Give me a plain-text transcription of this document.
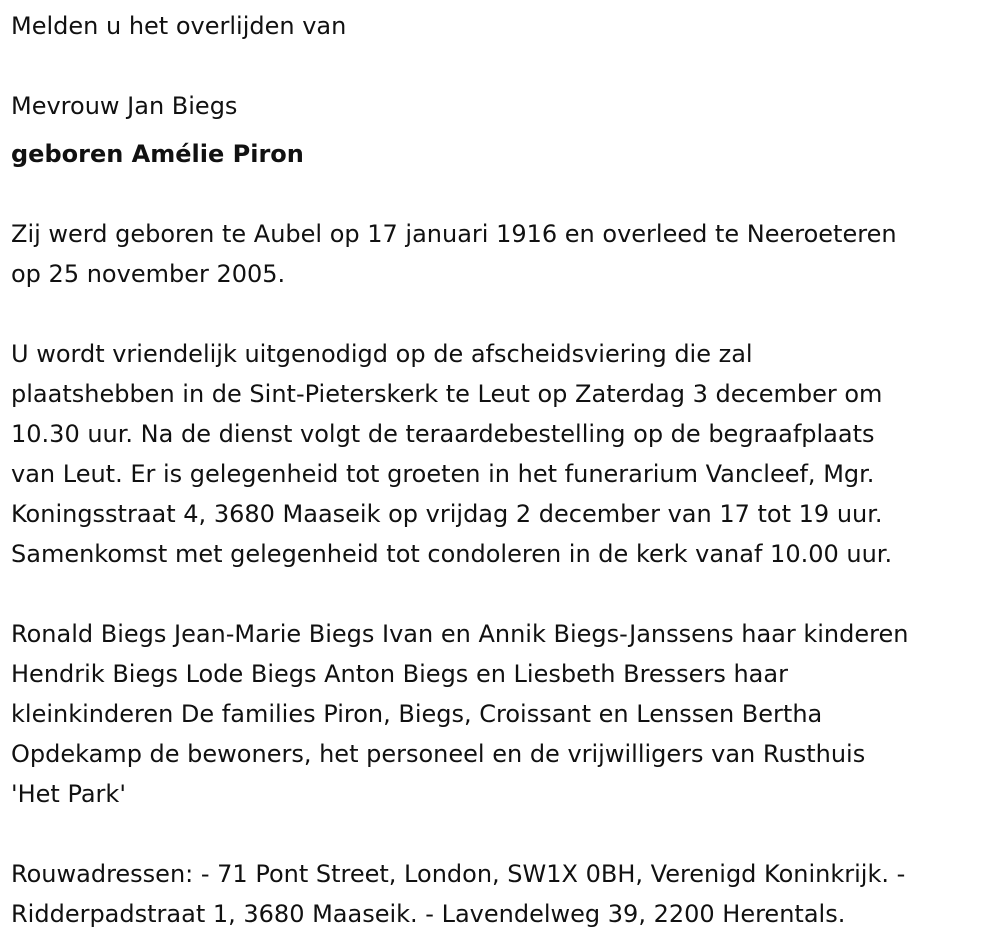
Melden u het overlijden van

Mevrouw Jan Biegs

geboren Amélie Piron

Zij werd geboren te Aubel op 17 januari 1916 en overleed te Neeroeteren

op 25 november 2005.

U wordt vriendelijk uitgenodigd op de afscheidsviering die zal

plaatshebben in de Sint-Pieterskerk te Leut op Zaterdag 3 december om

10.30 uur. Na de dienst volgt de teraardebestelling op de begraafplaats

van Leut. Er is gelegenheid tot groeten in het funerarium Vancleef, Mgr.

Koningsstraat 4, 3680 Maaseik op vrijdag 2 december van 17 tot 19 uur.

Samenkomst met gelegenheid tot condoleren in de kerk vanaf 10.00 uur.

Ronald Biegs Jean-Marie Biegs Ivan en Annik Biegs-Janssens haar kinderen

Hendrik Biegs Lode Biegs Anton Biegs en Liesbeth Bressers haar

kleinkinderen De families Piron, Biegs, Croissant en Lenssen Bertha

Opdekamp de bewoners, het personeel en de vrijwilligers van Rusthuis

'Het Park'

Rouwadressen: - 71 Pont Street, London, SW1X 0BH, Verenigd Koninkrijk. -

Ridderpadstraat 1, 3680 Maaseik. - Lavendelweg 39, 2200 Herentals.
